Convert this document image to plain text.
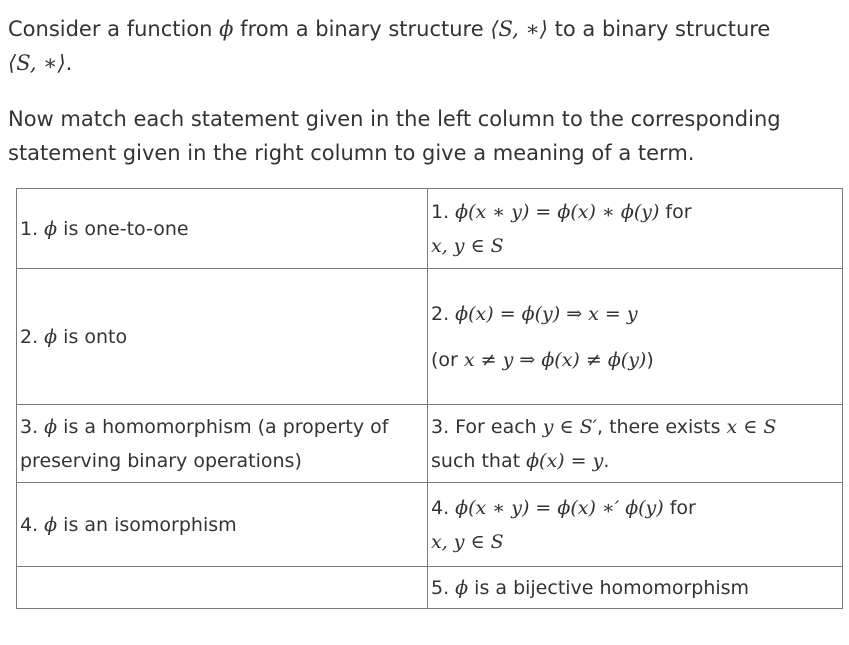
Consider a function ϕ from a binary structure ⟨S, ∗⟩ to a binary structure
⟨S, ∗⟩.

Now match each statement given in the left column to the corresponding statement given in the right column to give a meaning of a term.

1. ϕ is one-to-one	1. ϕ(x ∗ y) = ϕ(x) ∗ ϕ(y) for
x, y ∈ S
2. ϕ is onto	2. ϕ(x) = ϕ(y) ⇒ x = y
(or x ≠ y ⇒ ϕ(x) ≠ ϕ(y))
3. ϕ is a homomorphism (a property of preserving binary operations)	3. For each y ∈ S′, there exists x ∈ S
such that ϕ(x) = y.
4. ϕ is an isomorphism	4. ϕ(x ∗ y) = ϕ(x) ∗′ ϕ(y) for
x, y ∈ S
	5. ϕ is a bijective homomorphism
